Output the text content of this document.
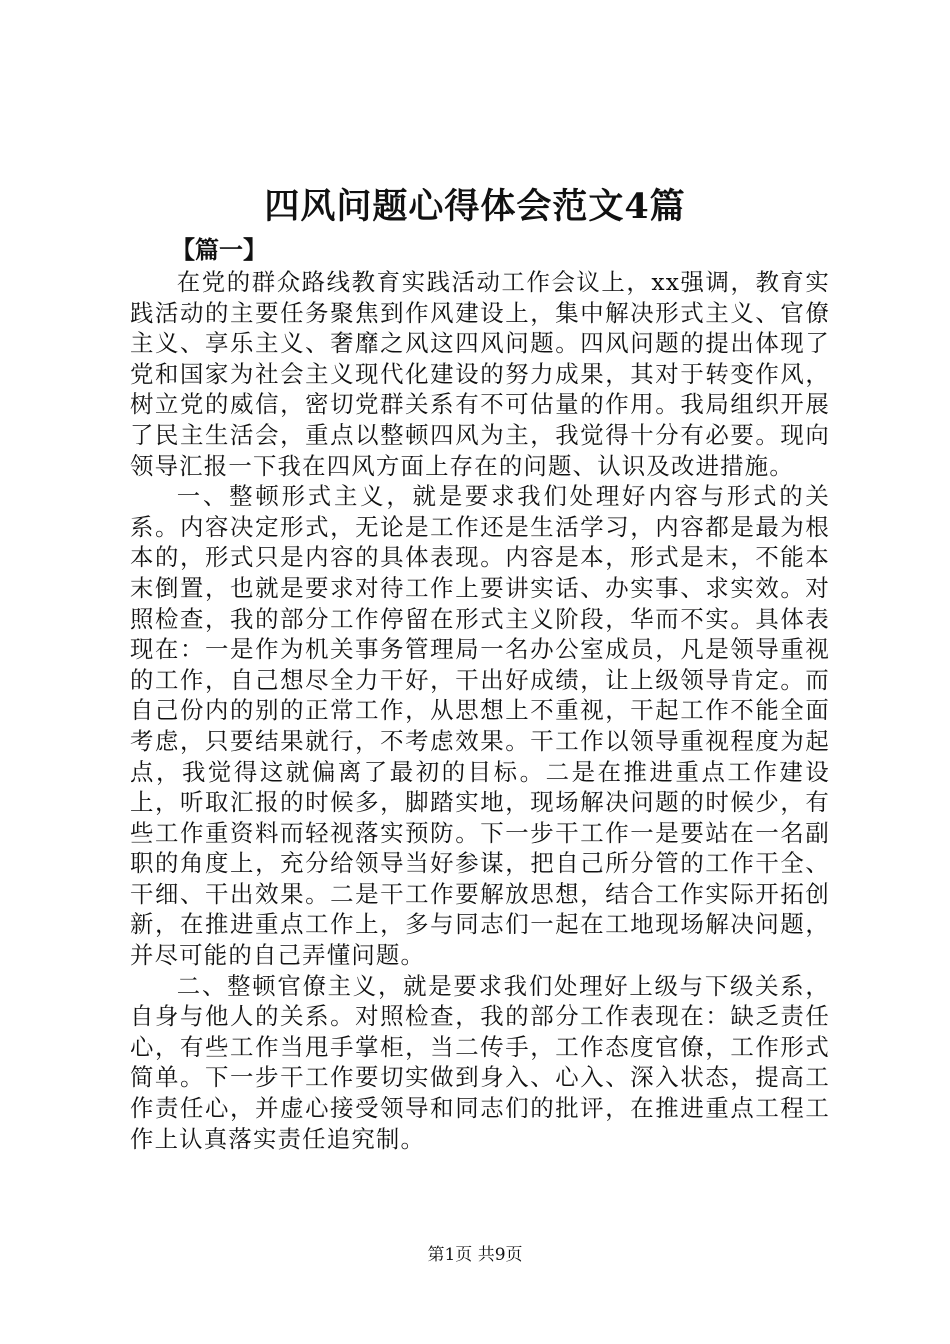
四风问题心得体会范文4篇

【篇一】

在党的群众路线教育实践活动工作会议上，xx强调，教育实践活动的主要任务聚焦到作风建设上，集中解决形式主义、官僚主义、享乐主义、奢靡之风这四风问题。四风问题的提出体现了党和国家为社会主义现代化建设的努力成果，其对于转变作风，树立党的威信，密切党群关系有不可估量的作用。我局组织开展了民主生活会，重点以整顿四风为主，我觉得十分有必要。现向领导汇报一下我在四风方面上存在的问题、认识及改进措施。

一、整顿形式主义，就是要求我们处理好内容与形式的关系。内容决定形式，无论是工作还是生活学习，内容都是最为根本的，形式只是内容的具体表现。内容是本，形式是末，不能本末倒置，也就是要求对待工作上要讲实话、办实事、求实效。对照检查，我的部分工作停留在形式主义阶段，华而不实。具体表现在：一是作为机关事务管理局一名办公室成员，凡是领导重视的工作，自己想尽全力干好，干出好成绩，让上级领导肯定。而自己份内的别的正常工作，从思想上不重视，干起工作不能全面考虑，只要结果就行，不考虑效果。干工作以领导重视程度为起点，我觉得这就偏离了最初的目标。二是在推进重点工作建设上，听取汇报的时候多，脚踏实地，现场解决问题的时候少，有些工作重资料而轻视落实预防。下一步干工作一是要站在一名副职的角度上，充分给领导当好参谋，把自己所分管的工作干全、干细、干出效果。二是干工作要解放思想，结合工作实际开拓创新，在推进重点工作上，多与同志们一起在工地现场解决问题，并尽可能的自己弄懂问题。

二、整顿官僚主义，就是要求我们处理好上级与下级关系，自身与他人的关系。对照检查，我的部分工作表现在：缺乏责任心，有些工作当甩手掌柜，当二传手，工作态度官僚，工作形式简单。下一步干工作要切实做到身入、心入、深入状态，提高工作责任心，并虚心接受领导和同志们的批评，在推进重点工程工作上认真落实责任追究制。

第1页 共9页
